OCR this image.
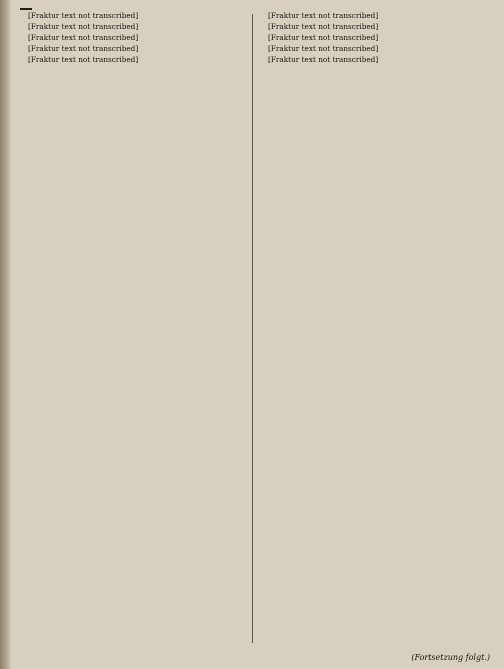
[Fraktur text not transcribed]

[Fraktur text not transcribed]

[Fraktur text not transcribed]

[Fraktur text not transcribed]

[Fraktur text not transcribed]

[Fraktur text not transcribed]

[Fraktur text not transcribed]

[Fraktur text not transcribed]

[Fraktur text not transcribed]

[Fraktur text not transcribed]

(Fortsetzung folgt.)
